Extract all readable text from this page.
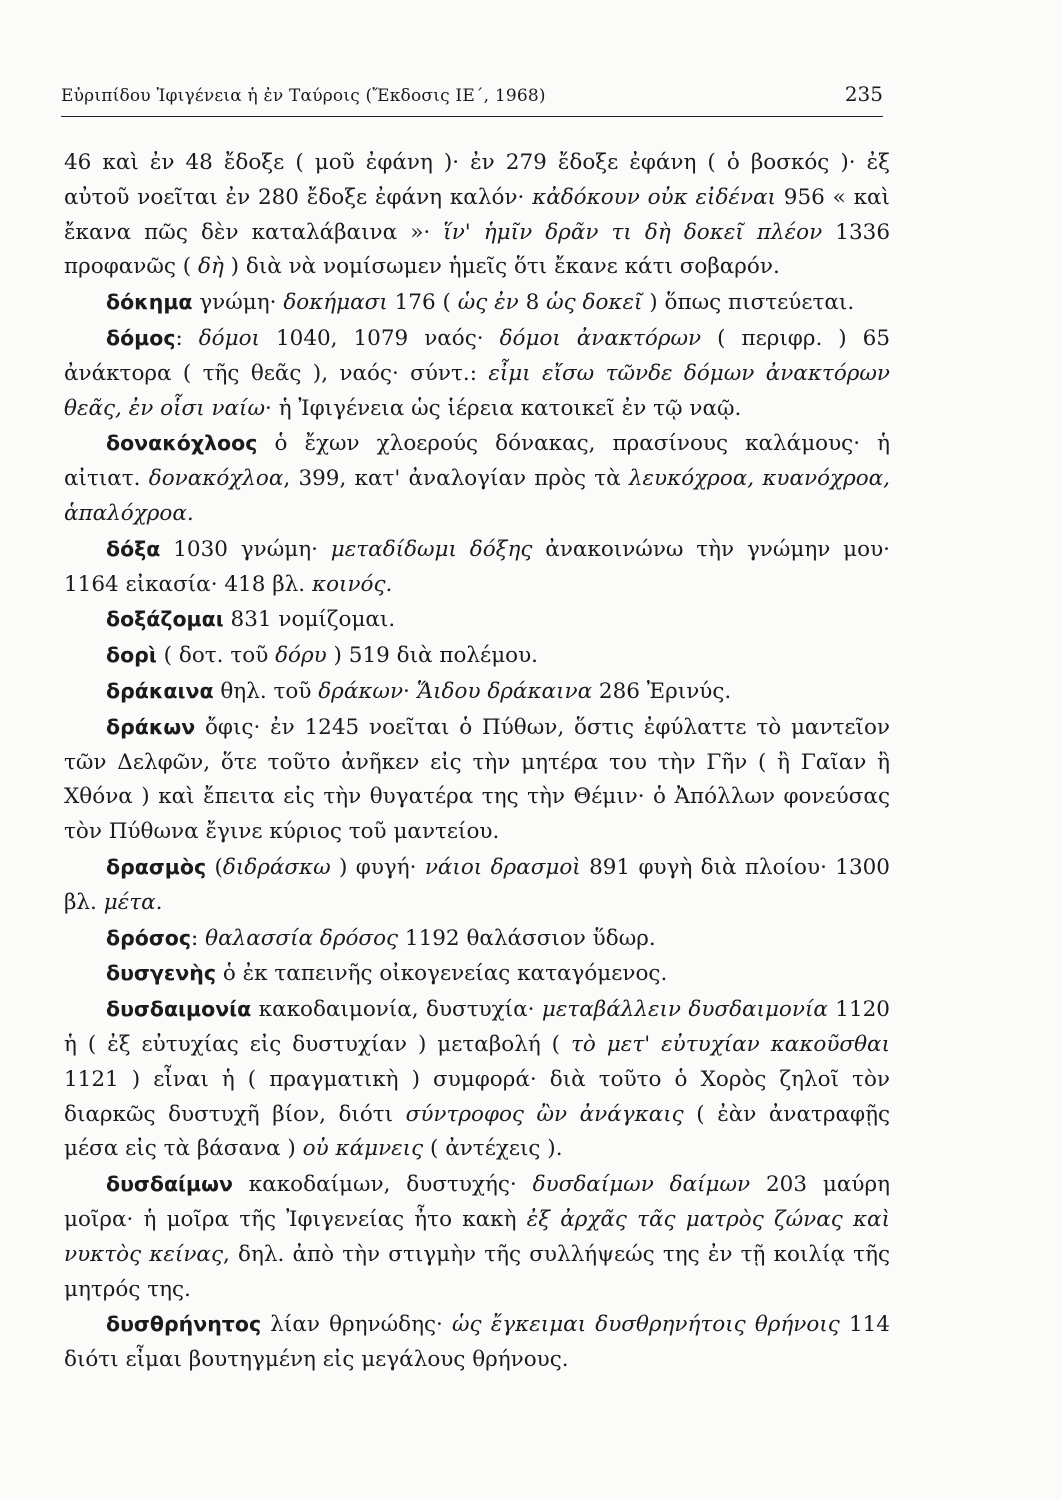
Εὐριπίδου Ἰφιγένεια ἡ ἐν Ταύροις (Ἔκδοσις ΙΕ΄, 1968)	235

46 καὶ ἐν 48 ἔδοξε ( μοῦ ἐφάνη )· ἐν 279 ἔδοξε ἐφάνη ( ὁ βοσκός )· ἐξ αὐτοῦ νοεῖται ἐν 280 ἔδοξε ἐφάνη καλόν· κἀδόκουν οὐκ εἰδέναι 956 « καὶ ἔκανα πῶς δὲν καταλάβαινα »· ἵν' ἡμῖν δρᾶν τι δὴ δοκεῖ πλέον 1336 προφανῶς ( δὴ ) διὰ νὰ νομίσωμεν ἡμεῖς ὅτι ἔκανε κάτι σοβαρόν.

δόκημα γνώμη· δοκήμασι 176 ( ὡς ἐν 8 ὡς δοκεῖ ) ὅπως πιστεύεται.

δόμος: δόμοι 1040, 1079 ναός· δόμοι ἀνακτόρων ( περιφρ. ) 65 ἀνάκτορα ( τῆς θεᾶς ), ναός· σύντ.: εἶμι εἴσω τῶνδε δόμων ἀνακτόρων θεᾶς, ἐν οἷσι ναίω· ἡ Ἰφιγένεια ὡς ἱέρεια κατοικεῖ ἐν τῷ ναῷ.

δονακόχλοος ὁ ἔχων χλοερούς δόνακας, πρασίνους καλάμους· ἡ αἰτιατ. δονακόχλοα, 399, κατ' ἀναλογίαν πρὸς τὰ λευκόχροα, κυανόχροα, ἁπαλόχροα.

δόξα 1030 γνώμη· μεταδίδωμι δόξης ἀνακοινώνω τὴν γνώμην μου· 1164 εἰκασία· 418 βλ. κοινός.

δοξάζομαι 831 νομίζομαι.

δορὶ ( δοτ. τοῦ δόρυ ) 519 διὰ πολέμου.

δράκαινα θηλ. τοῦ δράκων· Ἅιδου δράκαινα 286 Ἐρινύς.

δράκων ὄφις· ἐν 1245 νοεῖται ὁ Πύθων, ὅστις ἐφύλαττε τὸ μαντεῖον τῶν Δελφῶν, ὅτε τοῦτο ἀνῆκεν εἰς τὴν μητέρα του τὴν Γῆν ( ἢ Γαῖαν ἢ Χθόνα ) καὶ ἔπειτα εἰς τὴν θυγατέρα της τὴν Θέμιν· ὁ Ἀπόλλων φονεύσας τὸν Πύθωνα ἔγινε κύριος τοῦ μαντείου.

δρασμὸς (διδράσκω ) φυγή· νάιοι δρασμοὶ 891 φυγὴ διὰ πλοίου· 1300 βλ. μέτα.

δρόσος: θαλασσία δρόσος 1192 θαλάσσιον ὕδωρ.

δυσγενὴς ὁ ἐκ ταπεινῆς οἰκογενείας καταγόμενος.

δυσδαιμονία κακοδαιμονία, δυστυχία· μεταβάλλειν δυσδαιμονία 1120 ἡ ( ἐξ εὐτυχίας εἰς δυστυχίαν ) μεταβολή ( τὸ μετ' εὐτυχίαν κακοῦσθαι 1121 ) εἶναι ἡ ( πραγματικὴ ) συμφορά· διὰ τοῦτο ὁ Χορὸς ζηλοῖ τὸν διαρκῶς δυστυχῆ βίον, διότι σύντροφος ὢν ἀνάγκαις ( ἐὰν ἀνατραφῇς μέσα εἰς τὰ βάσανα ) οὐ κάμνεις ( ἀντέχεις ).

δυσδαίμων κακοδαίμων, δυστυχής· δυσδαίμων δαίμων 203 μαύρη μοῖρα· ἡ μοῖρα τῆς Ἰφιγενείας ἦτο κακὴ ἐξ ἀρχᾶς τᾶς ματρὸς ζώνας καὶ νυκτὸς κείνας, δηλ. ἀπὸ τὴν στιγμὴν τῆς συλλήψεώς της ἐν τῇ κοιλίᾳ τῆς μητρός της.

δυσθρήνητος λίαν θρηνώδης· ὡς ἔγκειμαι δυσθρηνήτοις θρήνοις 114 διότι εἶμαι βουτηγμένη εἰς μεγάλους θρήνους.
